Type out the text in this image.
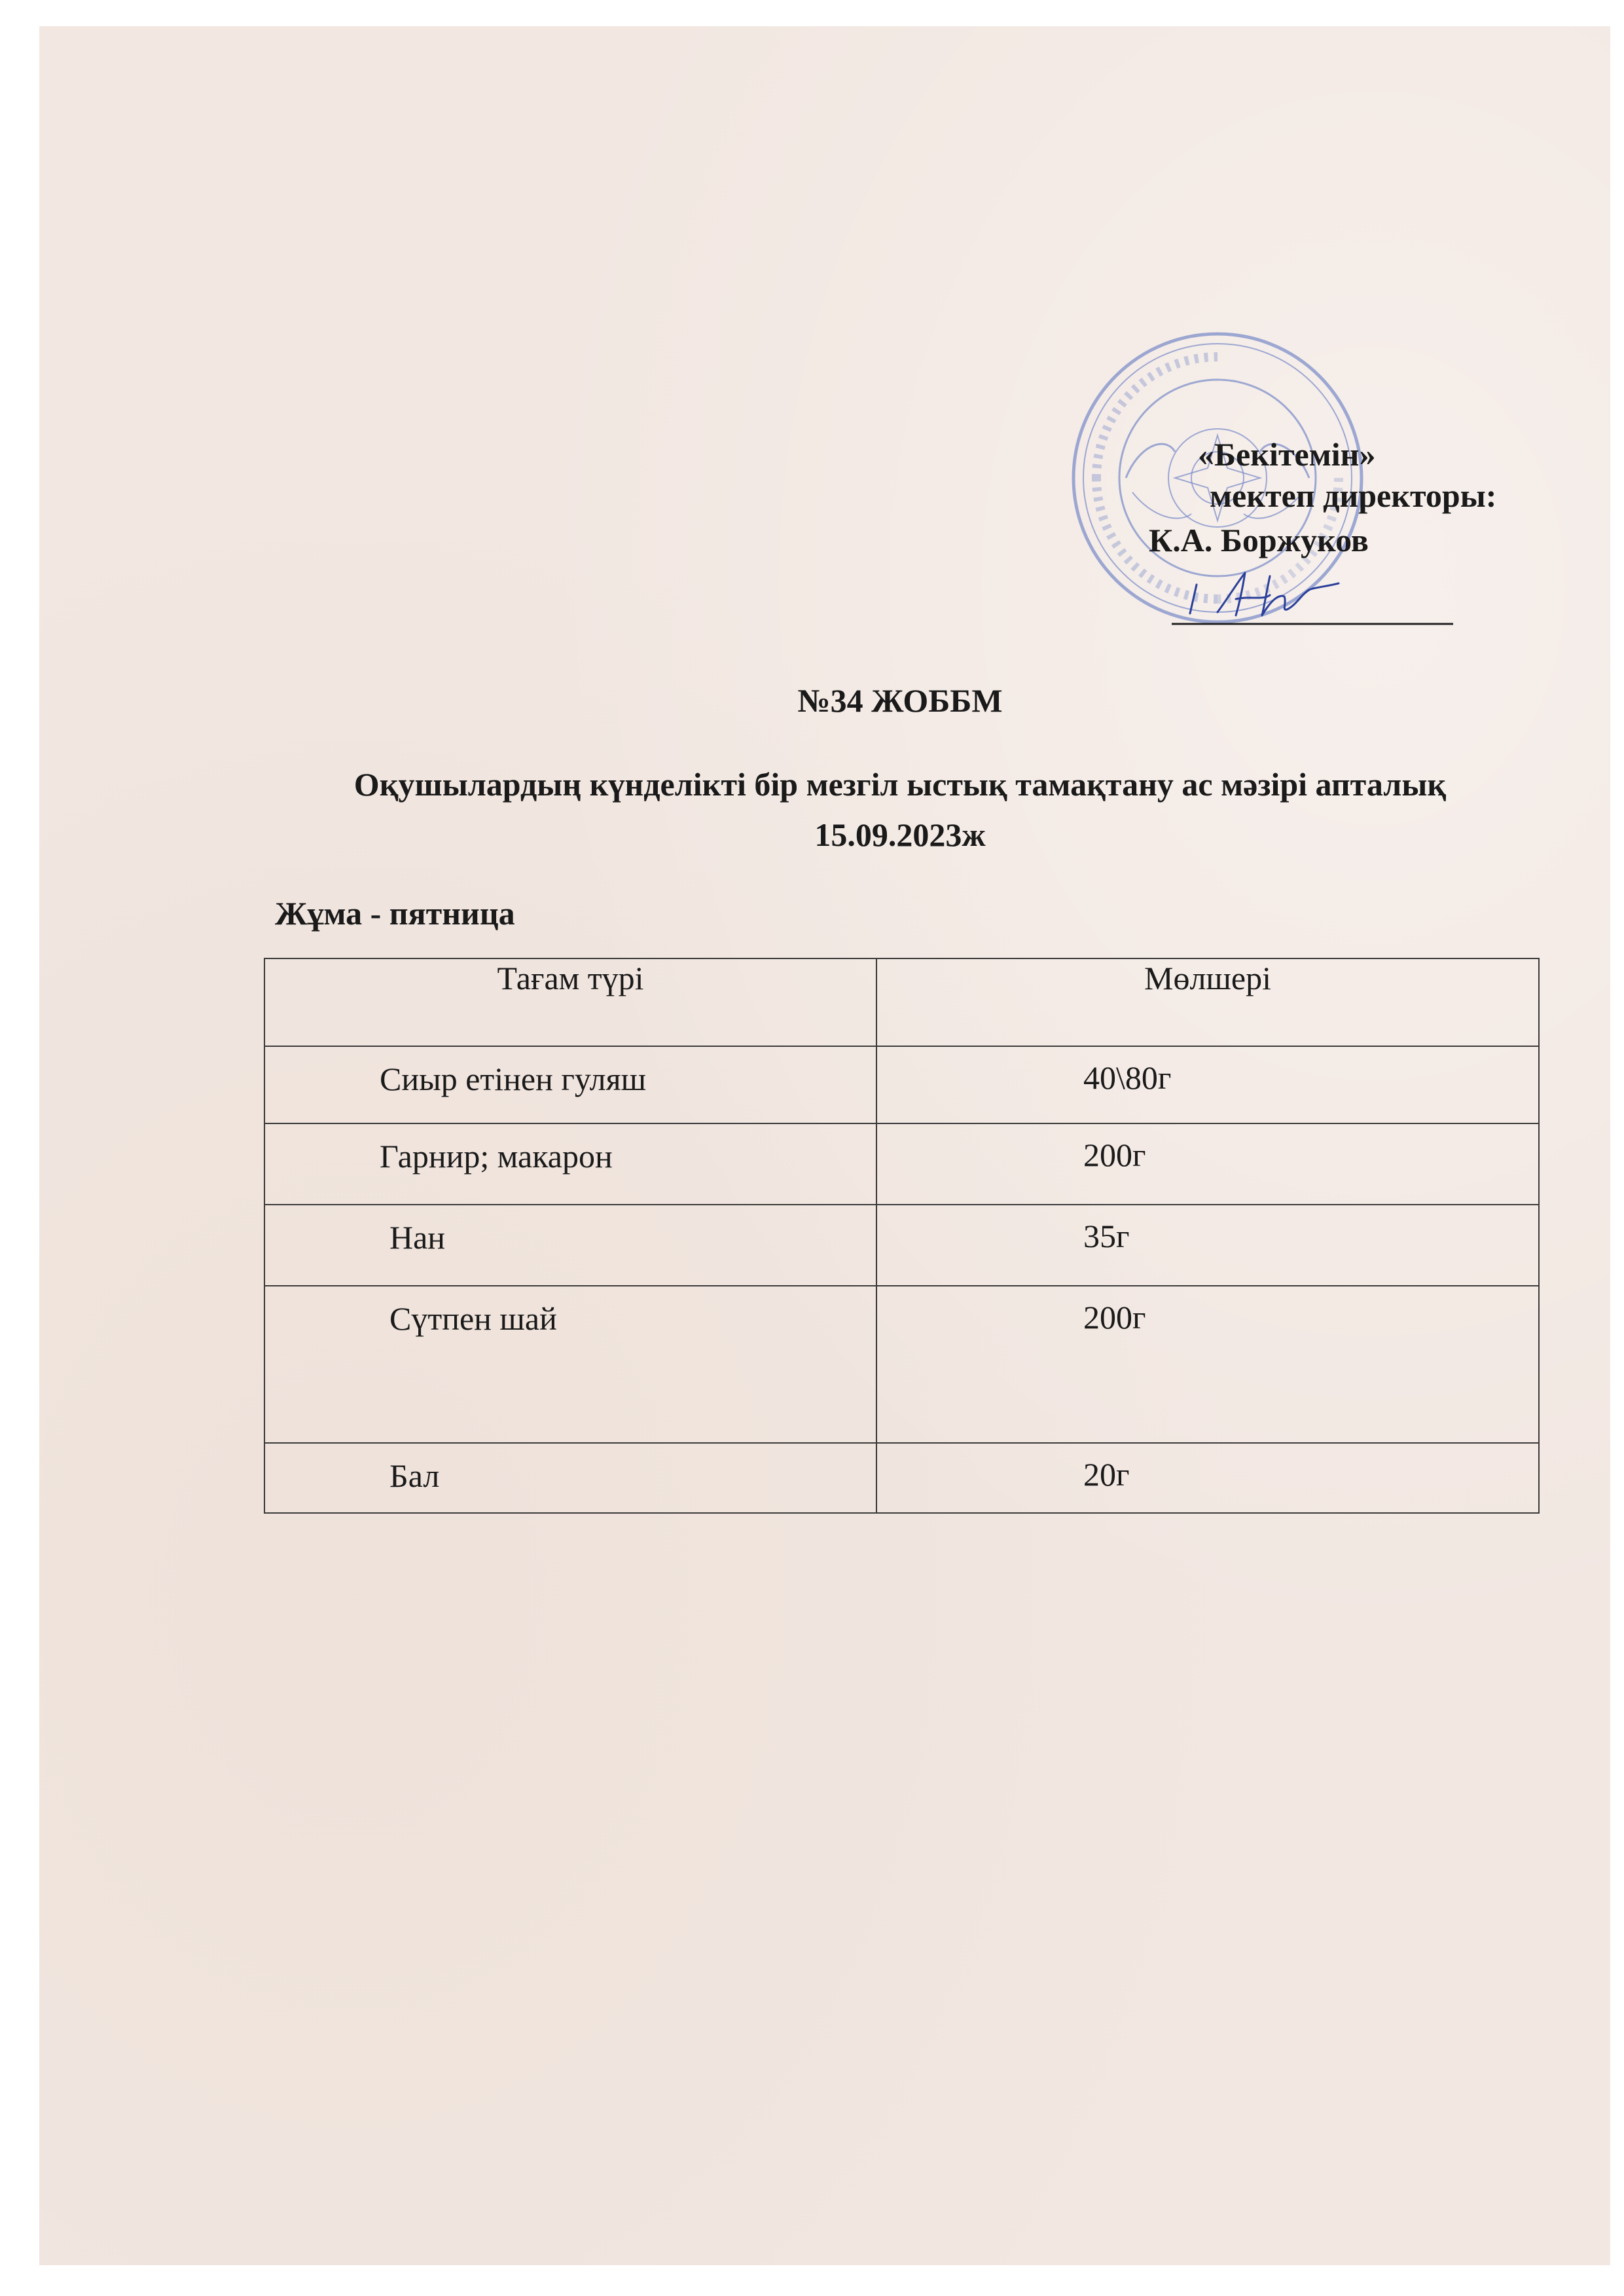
«Бекітемін»
мектеп директоры:
К.А. Боржуков
№34 ЖОББМ
Оқушылардың күнделікті бір мезгіл ыстық тамақтану ас мәзірі апталық
15.09.2023ж
Жұма - пятница
Тағам түрі	Мөлшері
Сиыр етінен гуляш	40\80г
Гарнир; макарон	200г
Нан	35г
Сүтпен шай	200г
Бал	20г
